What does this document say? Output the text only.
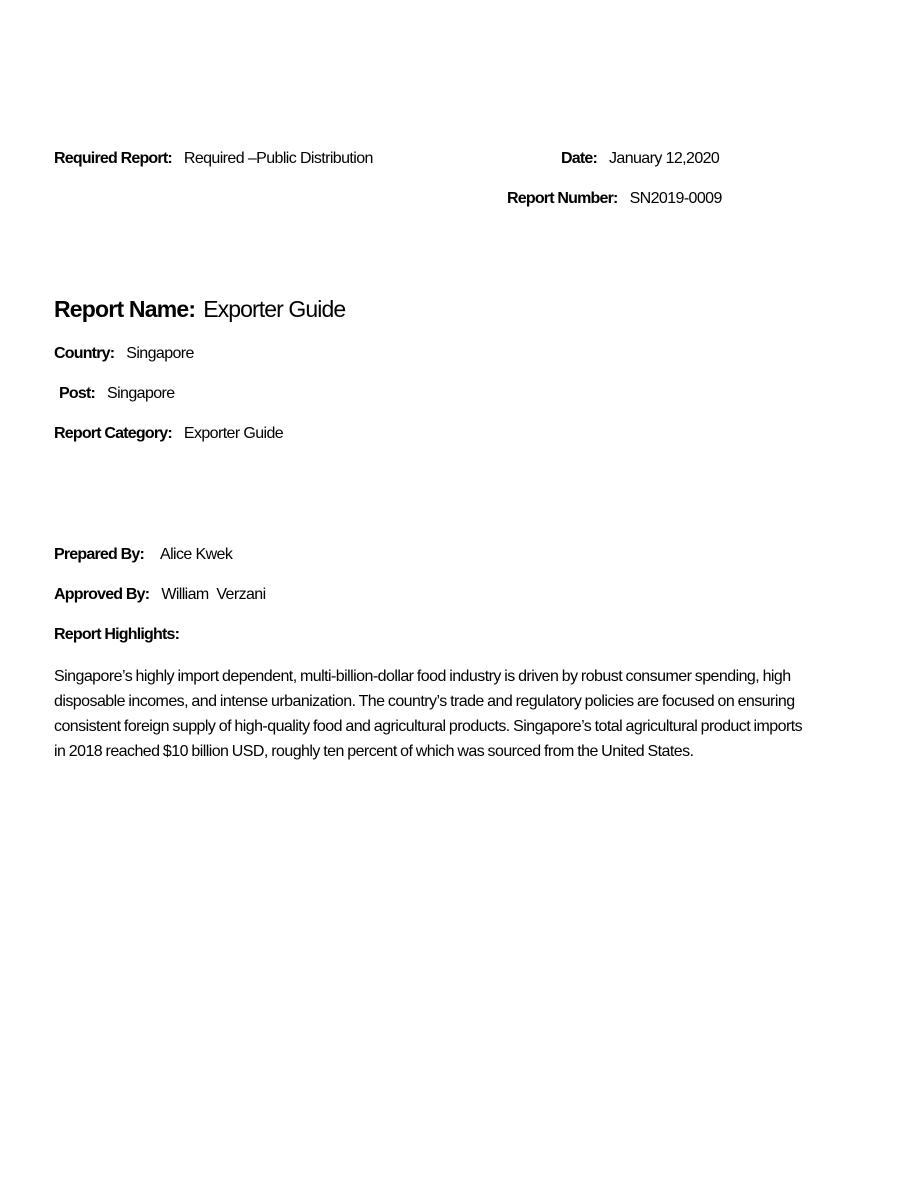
Required Report: Required –Public Distribution	Date: January 12,2020
Report Number: SN2019-0009
Report Name: Exporter Guide
Country: Singapore
Post: Singapore
Report Category: Exporter Guide
Prepared By: Alice Kwek
Approved By: William  Verzani
Report Highlights:

Singapore’s highly import dependent, multi-billion-dollar food industry is driven by robust consumer spending, high disposable incomes, and intense urbanization. The country’s trade and regulatory policies are focused on ensuring consistent foreign supply of high-quality food and agricultural products. Singapore’s total agricultural product imports in 2018 reached $10 billion USD, roughly ten percent of which was sourced from the United States.
